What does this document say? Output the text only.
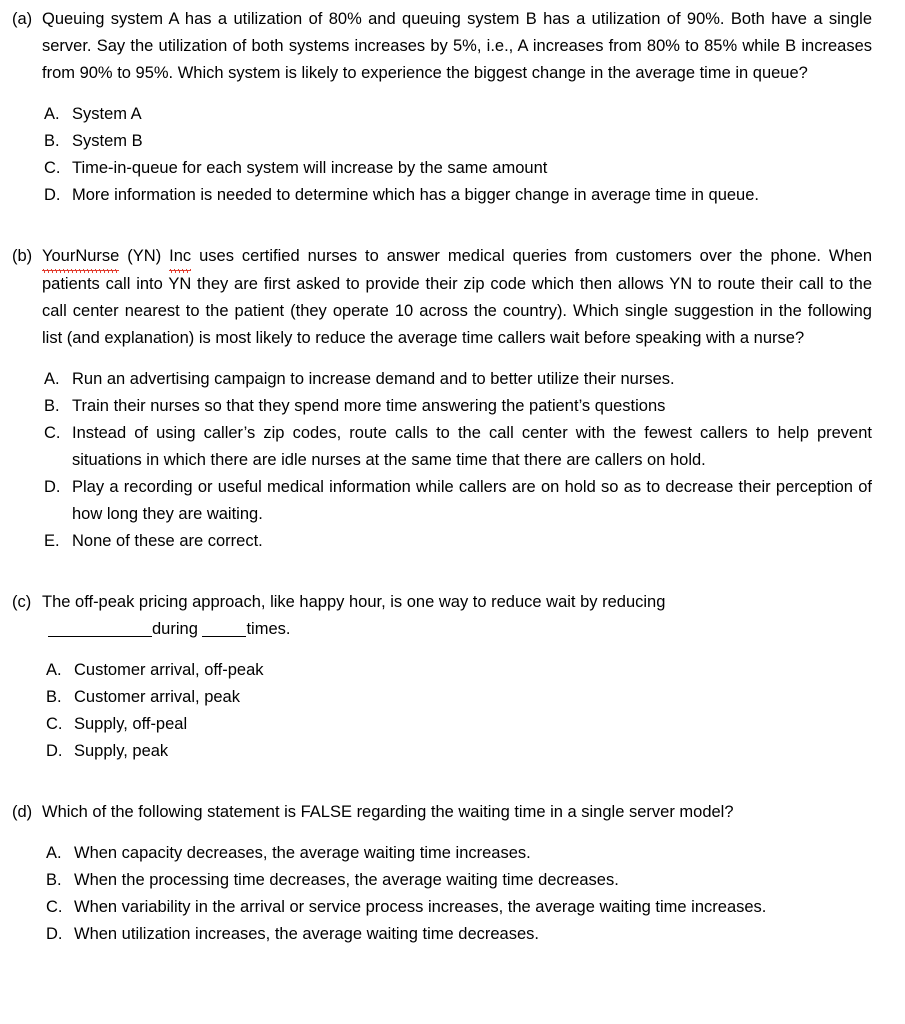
(a) Queuing system A has a utilization of 80% and queuing system B has a utilization of 90%. Both have a single server. Say the utilization of both systems increases by 5%, i.e., A increases from 80% to 85% while B increases from 90% to 95%. Which system is likely to experience the biggest change in the average time in queue?

A. System A
B. System B
C. Time-in-queue for each system will increase by the same amount
D. More information is needed to determine which has a bigger change in average time in queue.
(b) YourNurse (YN) Inc uses certified nurses to answer medical queries from customers over the phone. When patients call into YN they are first asked to provide their zip code which then allows YN to route their call to the call center nearest to the patient (they operate 10 across the country). Which single suggestion in the following list (and explanation) is most likely to reduce the average time callers wait before speaking with a nurse?

A. Run an advertising campaign to increase demand and to better utilize their nurses.
B. Train their nurses so that they spend more time answering the patient’s questions
C. Instead of using caller’s zip codes, route calls to the call center with the fewest callers to help prevent situations in which there are idle nurses at the same time that there are callers on hold.
D. Play a recording or useful medical information while callers are on hold so as to decrease their perception of how long they are waiting.
E. None of these are correct.
(c) The off-peak pricing approach, like happy hour, is one way to reduce wait by reducing

during	times.

A. Customer arrival, off-peak
B. Customer arrival, peak
C. Supply, off-peal
D. Supply, peak
(d) Which of the following statement is FALSE regarding the waiting time in a single server model?

A. When capacity decreases, the average waiting time increases.
B. When the processing time decreases, the average waiting time decreases.
C. When variability in the arrival or service process increases, the average waiting time increases.
D. When utilization increases, the average waiting time decreases.
